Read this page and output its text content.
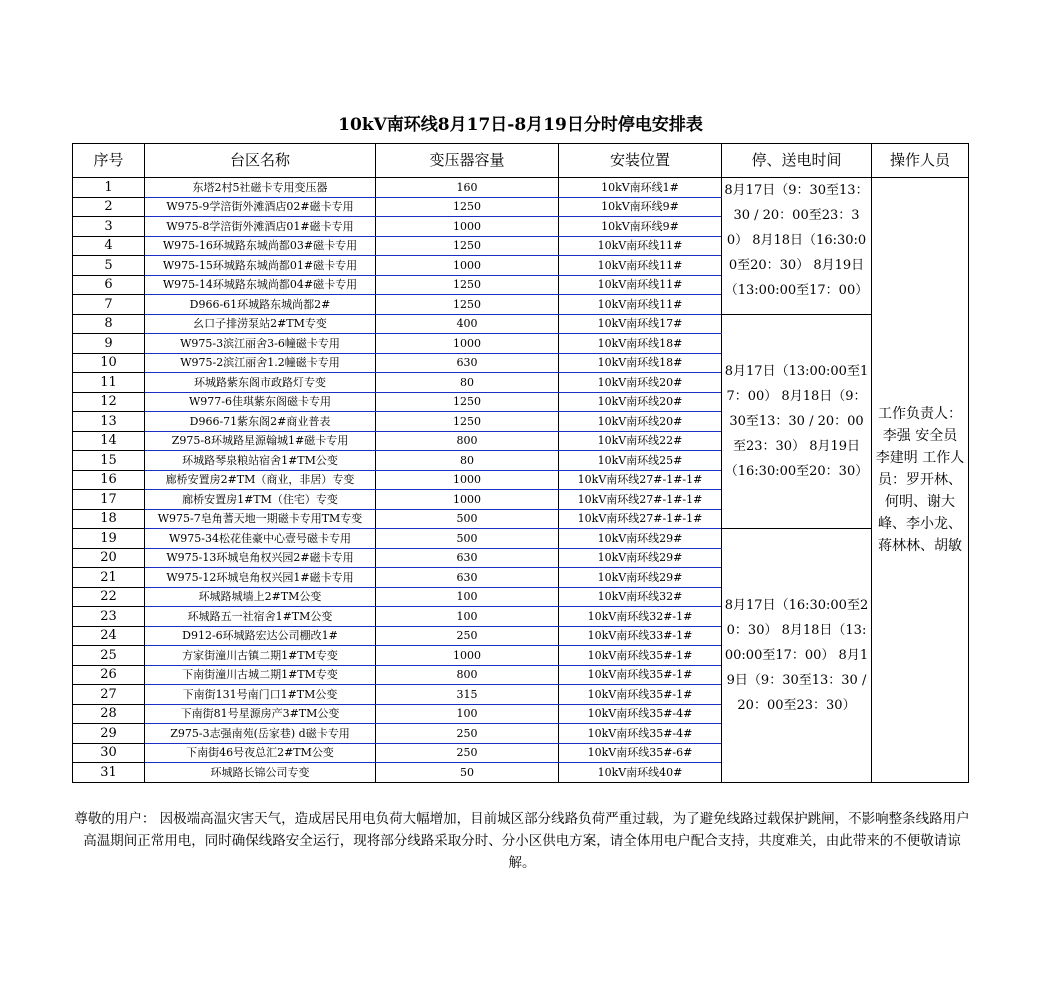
10kV南环线8月17日-8月19日分时停电安排表
序号	台区名称	变压器容量	安装位置	停、送电时间	操作人员
1	东塔2村5社磁卡专用变压器	160	10kV南环线1#	8月17日（9：30至13：30 / 20：00至23：30） 8月18日（16:30:00至20：30） 8月19日（13:00:00至17：00）	工作负责人：李强 安全员 李建明 工作人员：罗开林、何明、谢大峰、李小龙、蒋林林、胡敏
2	W975-9学涪街外滩酒店02#磁卡专用	1250	10kV南环线9#		
3	W975-8学涪街外滩酒店01#磁卡专用	1000	10kV南环线9#		
4	W975-16环城路东城尚都03#磁卡专用	1250	10kV南环线11#		
5	W975-15环城路东城尚都01#磁卡专用	1000	10kV南环线11#		
6	W975-14环城路东城尚都04#磁卡专用	1250	10kV南环线11#		
7	D966-61环城路东城尚都2#	1250	10kV南环线11#		
8	幺口子排涝泵站2#TM专变	400	10kV南环线17#	8月17日（13:00:00至17：00） 8月18日（9：30至13：30 / 20：00至23：30） 8月19日（16:30:00至20：30）	
9	W975-3滨江丽舍3-6幢磁卡专用	1000	10kV南环线18#		
10	W975-2滨江丽舍1.2幢磁卡专用	630	10kV南环线18#		
11	环城路紫东阁市政路灯专变	80	10kV南环线20#		
12	W977-6佳琪紫东阁磁卡专用	1250	10kV南环线20#		
13	D966-71紫东阁2#商业普表	1250	10kV南环线20#		
14	Z975-8环城路星源翰城1#磁卡专用	800	10kV南环线22#		
15	环城路琴泉粮站宿舍1#TM公变	80	10kV南环线25#		
16	廊桥安置房2#TM（商业，非居）专变	1000	10kV南环线27#-1#-1#		
17	廊桥安置房1#TM（住宅）专变	1000	10kV南环线27#-1#-1#		
18	W975-7皂角蓍天地一期磁卡专用TM专变	500	10kV南环线27#-1#-1#		
19	W975-34松花佳豪中心壹号磁卡专用	500	10kV南环线29#	8月17日（16:30:00至20：30） 8月18日（13:00:00至17：00） 8月19日（9：30至13：30 / 20：00至23：30）	
20	W975-13环城皂角权兴园2#磁卡专用	630	10kV南环线29#		
21	W975-12环城皂角权兴园1#磁卡专用	630	10kV南环线29#		
22	环城路城墙上2#TM公变	100	10kV南环线32#		
23	环城路五一社宿舍1#TM公变	100	10kV南环线32#-1#		
24	D912-6环城路宏达公司棚改1#	250	10kV南环线33#-1#		
25	方家街潼川古镇二期1#TM专变	1000	10kV南环线35#-1#		
26	下南街潼川古城二期1#TM专变	800	10kV南环线35#-1#		
27	下南街131号南门口1#TM公变	315	10kV南环线35#-1#		
28	下南街81号星源房产3#TM公变	100	10kV南环线35#-4#		
29	Z975-3志强南苑(岳家巷) d磁卡专用	250	10kV南环线35#-4#		
30	下南街46号夜总汇2#TM公变	250	10kV南环线35#-6#		
31	环城路长锦公司专变	50	10kV南环线40#		
尊敬的用户： 因极端高温灾害天气，造成居民用电负荷大幅增加，目前城区部分线路负荷严重过载，为了避免线路过载保护跳闸，不影响整条线路用户高温期间正常用电，同时确保线路安全运行，现将部分线路采取分时、分小区供电方案，请全体用电户配合支持，共度难关，由此带来的不便敬请谅解。
